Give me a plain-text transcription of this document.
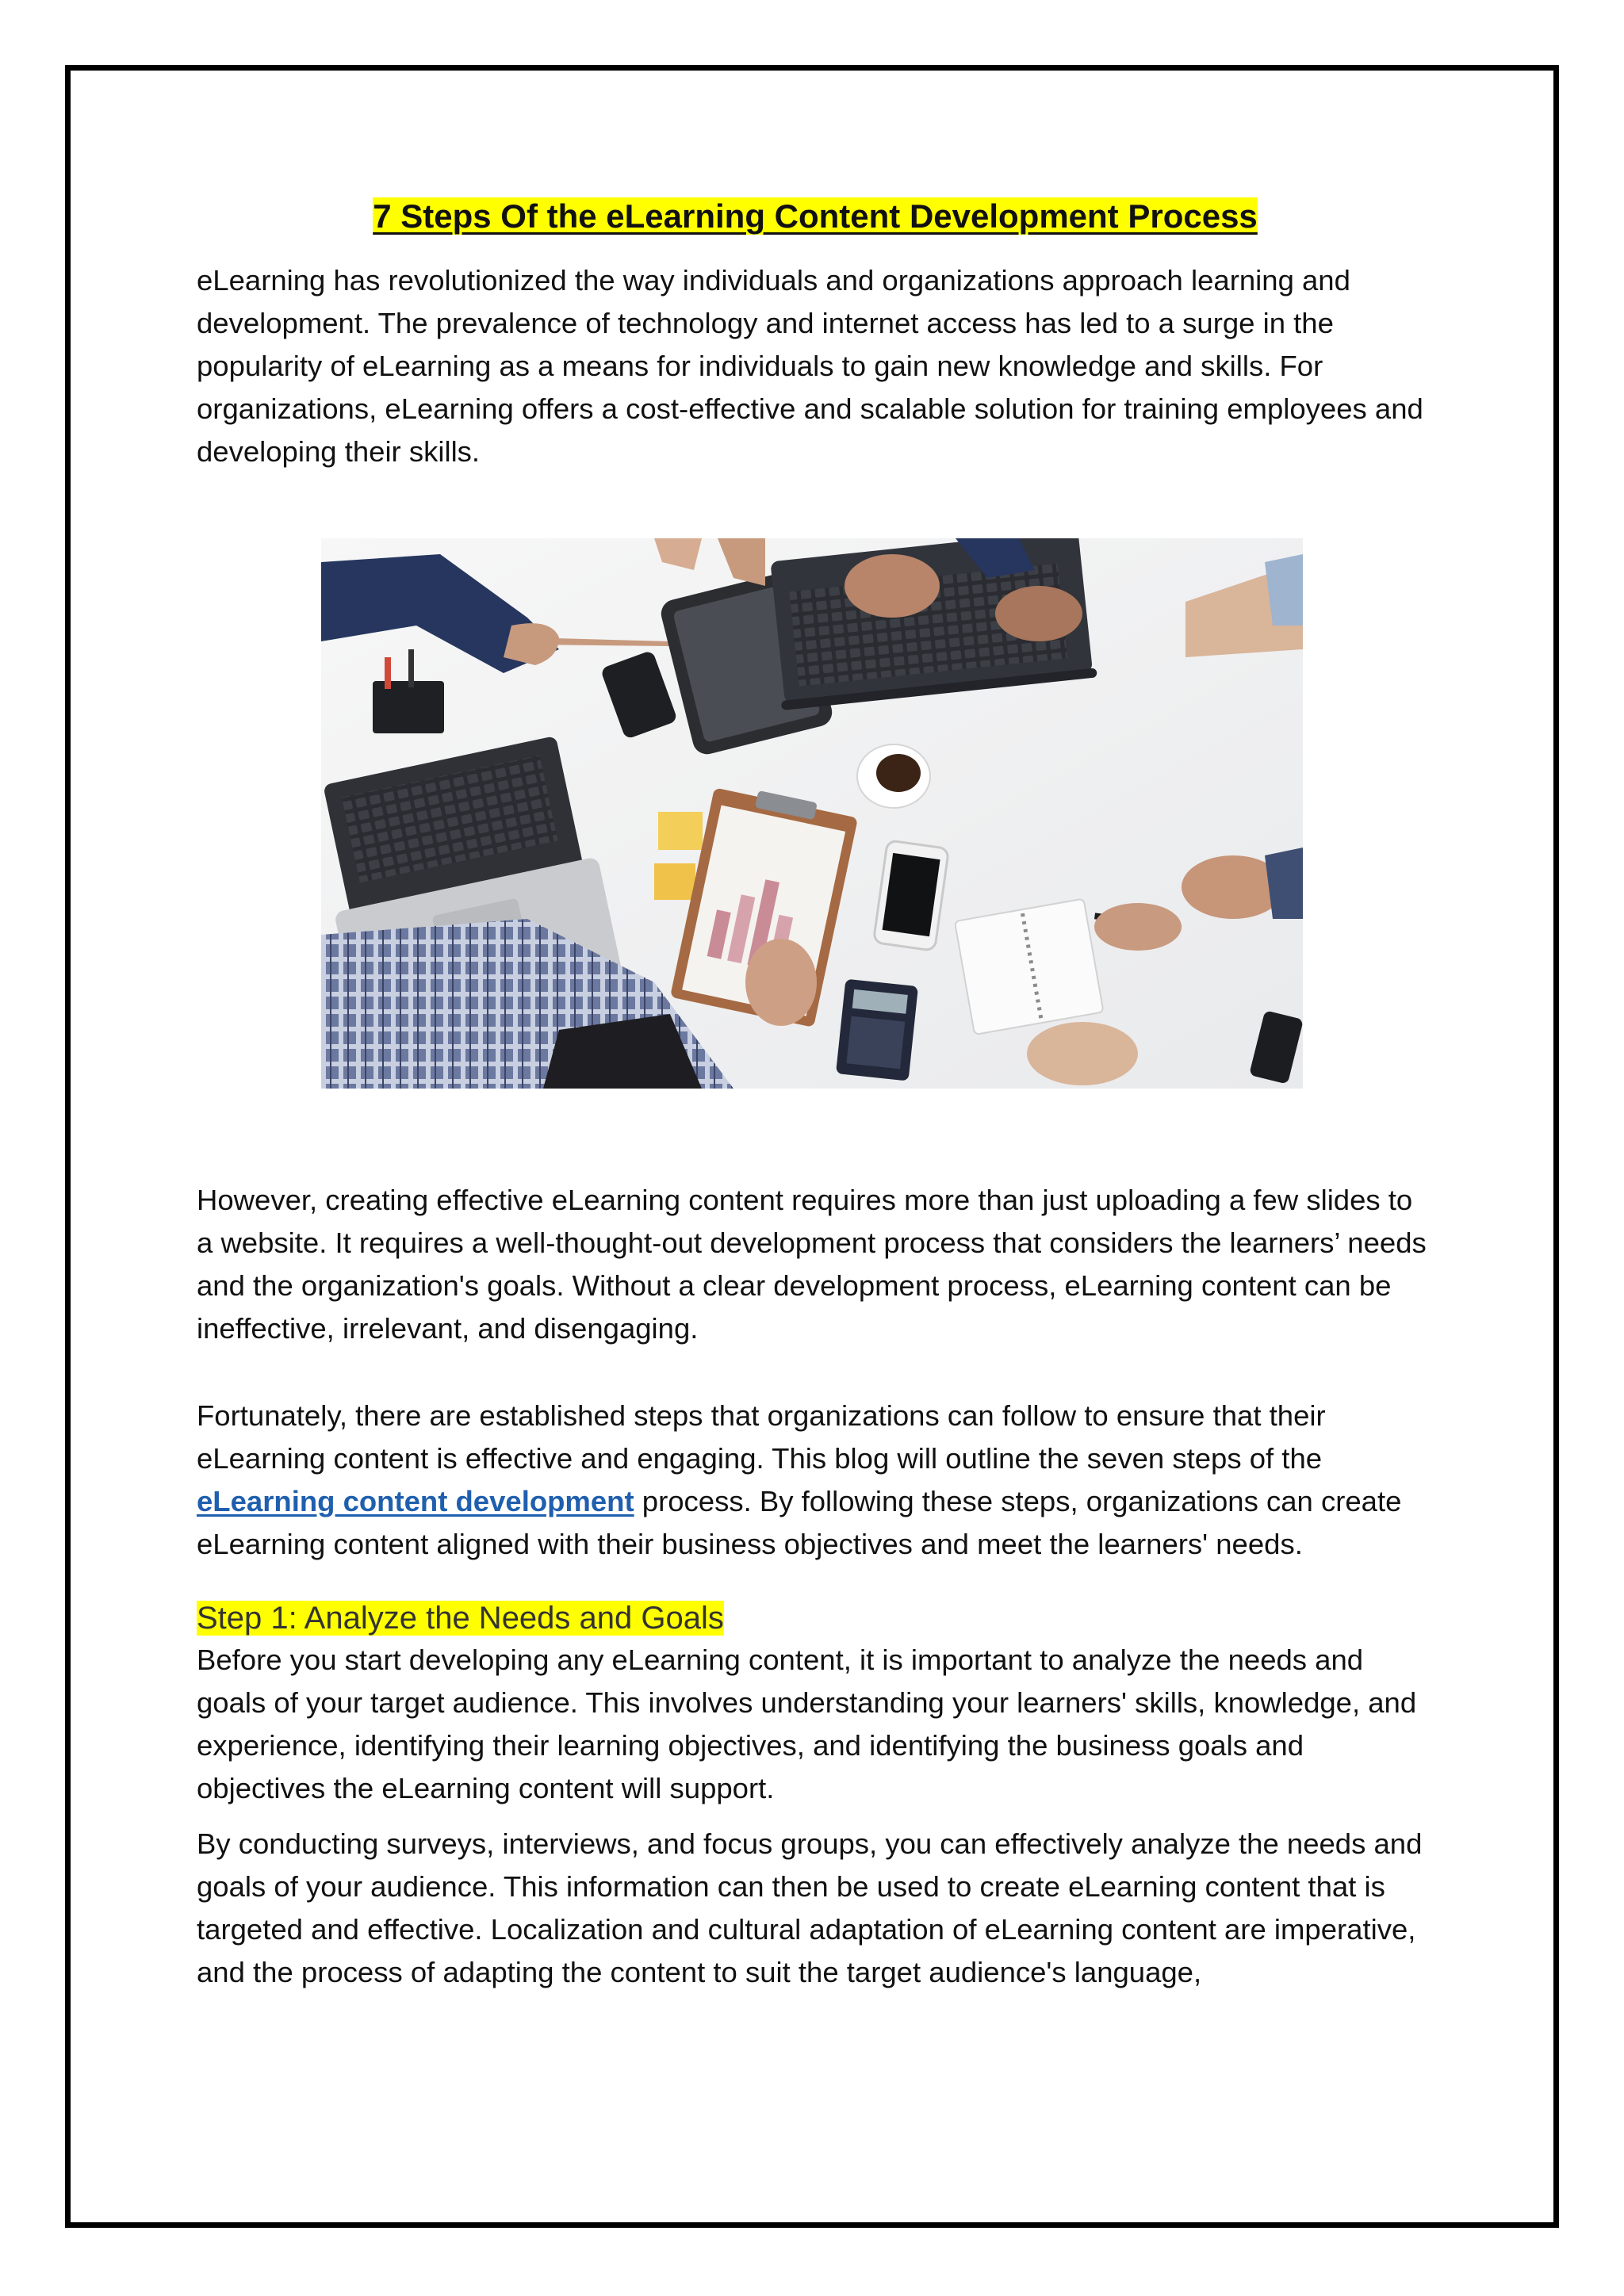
7 Steps Of the eLearning Content Development Process

eLearning has revolutionized the way individuals and organizations approach learning and development. The prevalence of technology and internet access has led to a surge in the popularity of eLearning as a means for individuals to gain new knowledge and skills. For organizations, eLearning offers a cost-effective and scalable solution for training employees and developing their skills.

However, creating effective eLearning content requires more than just uploading a few slides to a website. It requires a well-thought-out development process that considers the learners’ needs and the organization's goals. Without a clear development process, eLearning content can be ineffective, irrelevant, and disengaging.

Fortunately, there are established steps that organizations can follow to ensure that their eLearning content is effective and engaging. This blog will outline the seven steps of the eLearning content development process. By following these steps, organizations can create eLearning content aligned with their business objectives and meet the learners' needs.

Step 1: Analyze the Needs and Goals

Before you start developing any eLearning content, it is important to analyze the needs and goals of your target audience. This involves understanding your learners' skills, knowledge, and experience, identifying their learning objectives, and identifying the business goals and objectives the eLearning content will support.

By conducting surveys, interviews, and focus groups, you can effectively analyze the needs and goals of your audience. This information can then be used to create eLearning content that is targeted and effective. Localization and cultural adaptation of eLearning content are imperative, and the process of adapting the content to suit the target audience's language,
